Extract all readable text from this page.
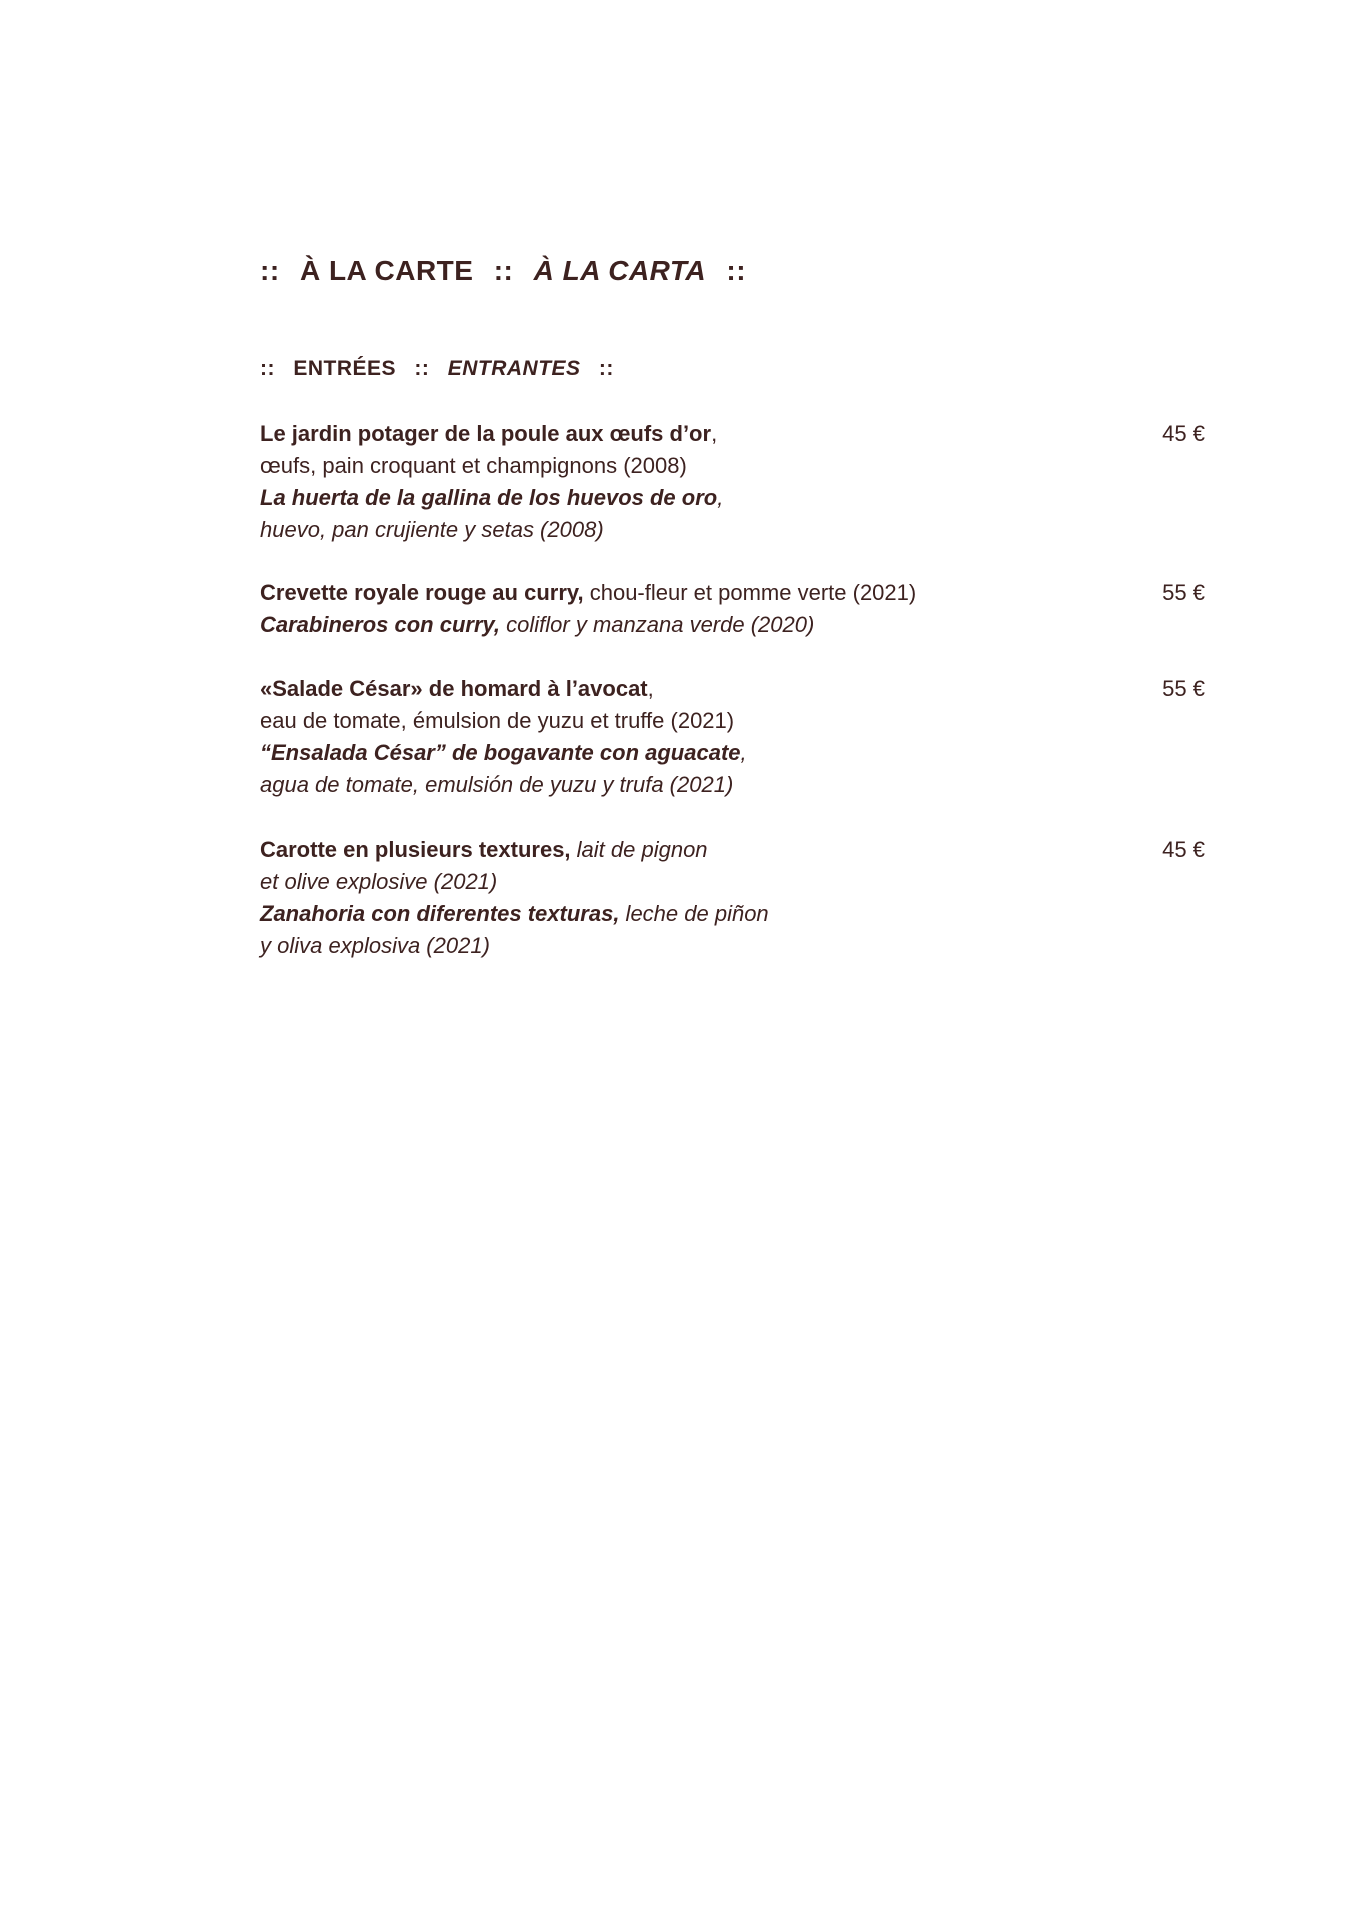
:: À LA CARTE :: À LA CARTA ::
:: ENTRÉES :: ENTRANTES ::
Le jardin potager de la poule aux œufs d’or,
œufs, pain croquant et champignons (2008)
La huerta de la gallina de los huevos de oro,
huevo, pan crujiente y setas (2008)
45 €
Crevette royale rouge au curry, chou-fleur et pomme verte (2021)
Carabineros con curry, coliflor y manzana verde (2020)
55 €
«Salade César» de homard à l’avocat,
eau de tomate, émulsion de yuzu et truffe (2021)
“Ensalada César” de bogavante con aguacate,
agua de tomate, emulsión de yuzu y trufa (2021)
55 €
Carotte en plusieurs textures, lait de pignon
et olive explosive (2021)
Zanahoria con diferentes texturas, leche de piñon
y oliva explosiva (2021)
45 €
